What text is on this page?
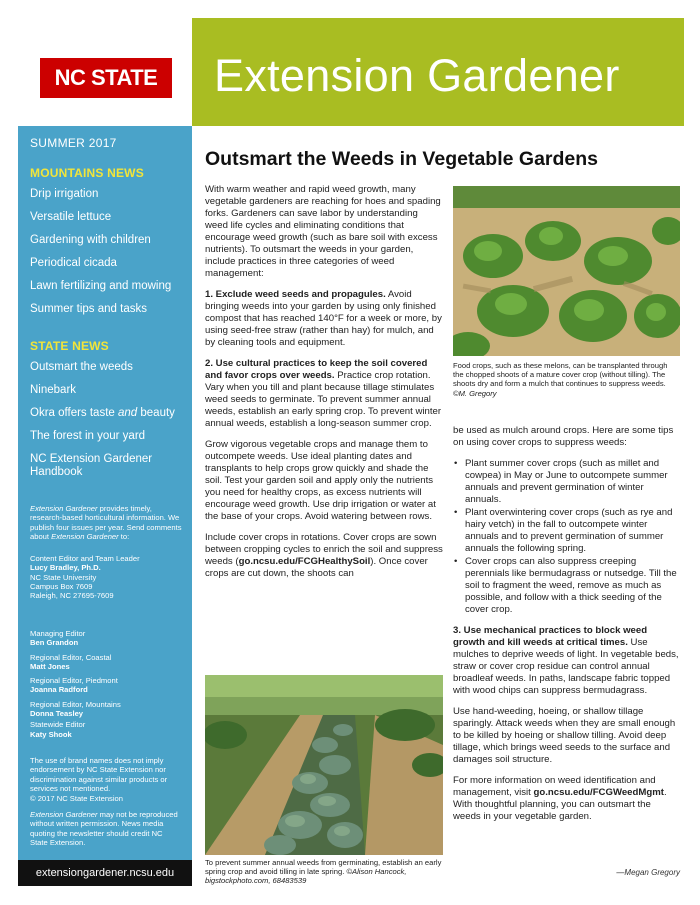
NC STATE	Extension Gardener
SUMMER 2017
MOUNTAINS NEWS
Drip irrigation
Versatile lettuce
Gardening with children
Periodical cicada
Lawn fertilizing and mowing
Summer tips and tasks
STATE NEWS
Outsmart the weeds
Ninebark
Okra offers taste and beauty
The forest in your yard
NC Extension Gardener
Handbook
Extension Gardener provides timely, research-based horticultural information. We publish four issues per year. Send comments about Extension Gardener to:
Content Editor and Team Leader
Lucy Bradley, Ph.D.
NC State University
Campus Box 7609
Raleigh, NC 27695-7609
Managing Editor
Ben Grandon
Regional Editor, Coastal
Matt Jones
Regional Editor, Piedmont
Joanna Radford
Regional Editor, Mountains
Donna Teasley
Statewide Editor
Katy Shook
The use of brand names does not imply endorsement by NC State Extension nor discrimination against similar products or services not mentioned.
© 2017 NC State Extension
Extension Gardener may not be reproduced without written permission. News media quoting the newsletter should credit NC State Extension.
extensiongardener.ncsu.edu
Outsmart the Weeds in Vegetable Gardens

With warm weather and rapid weed growth, many vegetable gardeners are reaching for hoes and spading forks. Gardeners can save labor by understanding weed life cycles and eliminating conditions that encourage weed growth (such as bare soil with excess nutrients). To outsmart the weeds in your garden, include practices in three categories of weed management:

1. Exclude weed seeds and propagules. Avoid bringing weeds into your garden by using only finished compost that has reached 140°F for a week or more, by using seed-free straw (rather than hay) for mulch, and by cleaning tools and equipment.

2. Use cultural practices to keep the soil covered and favor crops over weeds. Practice crop rotation. Vary when you till and plant because tillage stimulates weed seeds to germinate. To prevent summer annual weeds, establish an early spring crop. To prevent winter annual weeds, establish a long-season summer crop.

Grow vigorous vegetable crops and manage them to outcompete weeds. Use ideal planting dates and transplants to help crops grow quickly and shade the soil. Test your garden soil and apply only the nutrients you need for healthy crops, as excess nutrients will encourage weed growth. Use drip irrigation or water at the base of your crops. Avoid watering between rows.

Include cover crops in rotations. Cover crops are sown between cropping cycles to enrich the soil and suppress weeds (go.ncsu.edu/FCGHealthySoil). Once cover crops are cut down, the shoots can

To prevent summer annual weeds from germinating, establish an early spring crop and avoid tilling in late spring. ©Alison Hancock, bigstockphoto.com, 68483539
Food crops, such as these melons, can be transplanted through the chopped shoots of a mature cover crop (without tilling). The shoots dry and form a mulch that continues to suppress weeds. ©M. Gregory

be used as mulch around crops. Here are some tips on using cover crops to suppress weeds:

• Plant summer cover crops (such as millet and cowpea) in May or June to outcompete summer annuals and prevent germination of winter annuals.
• Plant overwintering cover crops (such as rye and hairy vetch) in the fall to outcompete winter annuals and to prevent germination of summer annuals the following spring.
• Cover crops can also suppress creeping perennials like bermudagrass or nutsedge. Till the soil to fragment the weed, remove as much as possible, and follow with a thick seeding of the cover crop.

3. Use mechanical practices to block weed growth and kill weeds at critical times. Use mulches to deprive weeds of light. In vegetable beds, straw or cover crop residue can control annual broadleaf weeds. In paths, landscape fabric topped with wood chips can suppress bermudagrass.

Use hand-weeding, hoeing, or shallow tillage sparingly. Attack weeds when they are small enough to be killed by hoeing or shallow tilling. Avoid deep tillage, which brings weed seeds to the surface and damages soil structure.

For more information on weed identification and management, visit go.ncsu.edu/FCGWeedMgmt. With thoughtful planning, you can outsmart the weeds in your vegetable garden.

—Megan Gregory
